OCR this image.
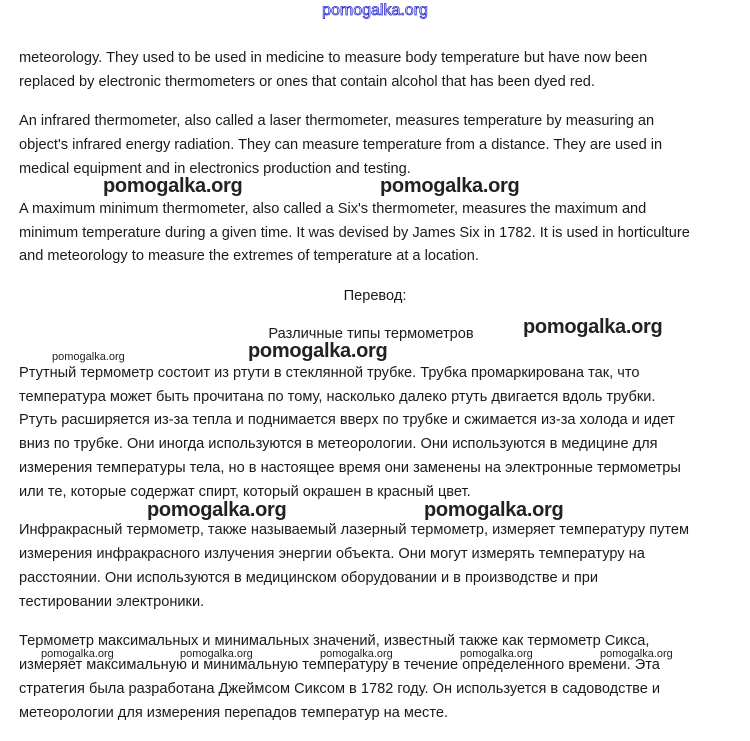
pomogalka.org
meteorology. They used to be used in medicine to measure body temperature but have now been
replaced by electronic thermometers or ones that contain alcohol that has been dyed red.
An infrared thermometer, also called a laser thermometer, measures temperature by measuring an
object's infrared energy radiation. They can measure temperature from a distance. They are used in
medical equipment and in electronics production and testing.
A maximum minimum thermometer, also called a Six's thermometer, measures the maximum and
minimum temperature during a given time. It was devised by James Six in 1782. It is used in horticulture
and meteorology to measure the extremes of temperature at a location.
Перевод:
Различные типы термометров
Ртутный термометр состоит из ртути в стеклянной трубке. Трубка промаркирована так, что
температура может быть прочитана по тому, насколько далеко ртуть двигается вдоль трубки.
Ртуть расширяется из-за тепла и поднимается вверх по трубке и сжимается из-за холода и идет
вниз по трубке. Они иногда используются в метеорологии. Они используются в медицине для
измерения температуры тела, но в настоящее время они заменены на электронные термометры
или те, которые содержат спирт, который окрашен в красный цвет.
Инфракрасный термометр, также называемый лазерный термометр, измеряет температуру путем
измерения инфракрасного излучения энергии объекта. Они могут измерять температуру на
расстоянии. Они используются в медицинском оборудовании и в производстве и при
тестировании электроники.
Термометр максимальных и минимальных значений, известный также как термометр Сикса,
измеряет максимальную и минимальную температуру в течение определенного времени. Эта
стратегия была разработана Джеймсом Сиксом в 1782 году. Он используется в садоводстве и
метеорологии для измерения перепадов температур на месте.
pomogalka.org	pomogalka.org
pomogalka.org
pomogalka.org
pomogalka.org	pomogalka.org
pomogalka.org
pomogalka.org	pomogalka.org	pomogalka.org	pomogalka.org	pomogalka.org
